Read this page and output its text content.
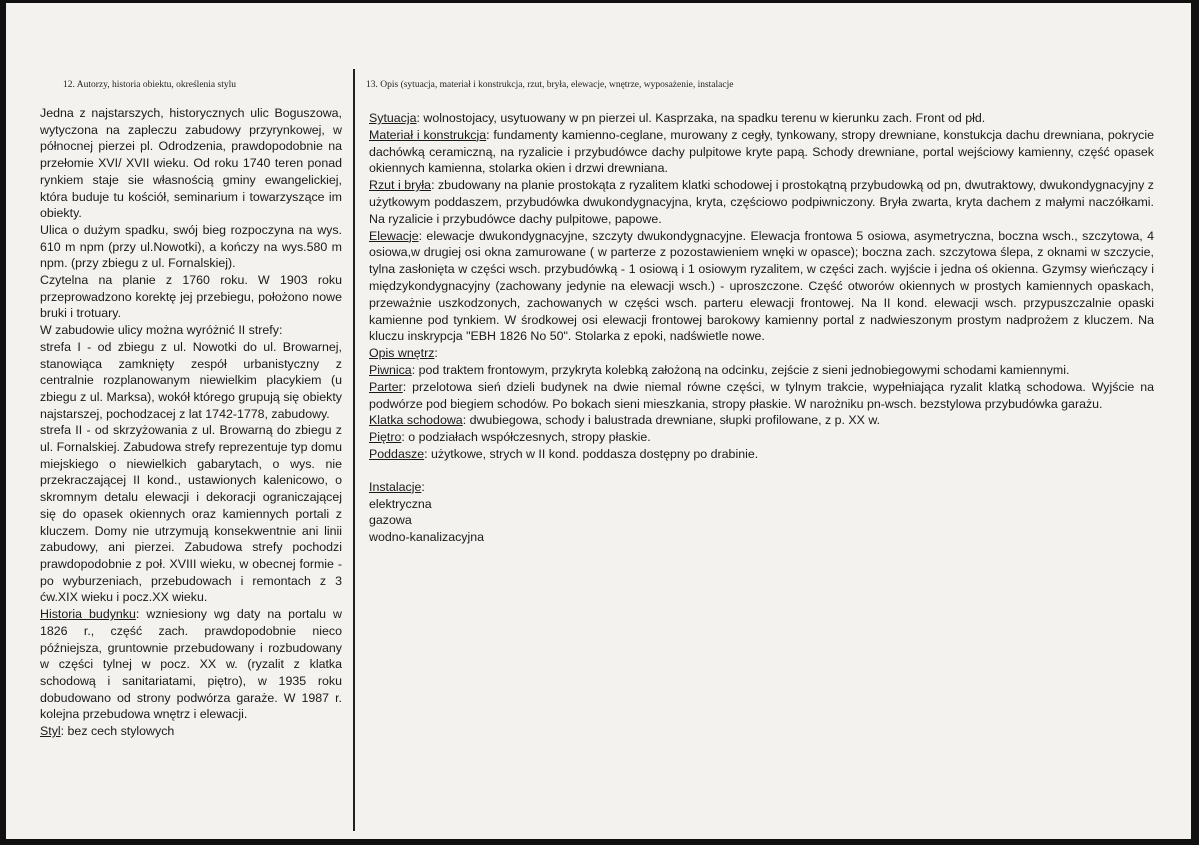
12. Autorzy, historia obiektu, określenia stylu	13. Opis (sytuacja, materiał i konstrukcja, rzut, bryła, elewacje, wnętrze, wyposażenie, instalacje

Jedna z najstarszych, historycznych ulic Boguszowa, wytyczona na zapleczu zabudowy przyrynkowej, w północnej pierzei pl. Odrodzenia, prawdopodobnie na przełomie XVI/ XVII wieku. Od roku 1740 teren ponad rynkiem staje sie własnością gminy ewangelickiej, która buduje tu kościół, seminarium i towarzyszące im obiekty.

Ulica o dużym spadku, swój bieg rozpoczyna na wys. 610 m npm (przy ul.Nowotki), a kończy na wys.580 m npm. (przy zbiegu z ul. Fornalskiej).

Czytelna na planie z 1760 roku. W 1903 roku przeprowadzono korektę jej przebiegu, położono nowe bruki i trotuary.

W zabudowie ulicy można wyróżnić II strefy:

strefa I - od zbiegu z ul. Nowotki do ul. Browarnej, stanowiąca zamknięty zespół urbanistyczny z centralnie rozplanowanym niewielkim placykiem (u zbiegu z ul. Marksa), wokół którego grupują się obiekty najstarszej, pochodzacej z lat 1742-1778, zabudowy.

strefa II - od skrzyżowania z ul. Browarną do zbiegu z ul. Fornalskiej. Zabudowa strefy reprezentuje typ domu miejskiego o niewielkich gabarytach, o wys. nie przekraczającej II kond., ustawionych kalenicowo, o skromnym detalu elewacji i dekoracji ograniczającej się do opasek okiennych oraz kamiennych portali z kluczem. Domy nie utrzymują konsekwentnie ani linii zabudowy, ani pierzei. Zabudowa strefy pochodzi prawdopodobnie z poł. XVIII wieku, w obecnej formie - po wyburzeniach, przebudowach i remontach z 3 ćw.XIX wieku i pocz.XX wieku.

Historia budynku: wzniesiony wg daty na portalu w 1826 r., część zach. prawdopodobnie nieco późniejsza, gruntownie przebudowany i rozbudowany w części tylnej w pocz. XX w. (ryzalit z klatka schodową i sanitariatami, piętro), w 1935 roku dobudowano od strony podwórza garaże. W 1987 r. kolejna przebudowa wnętrz i elewacji.

Styl: bez cech stylowych

Sytuacja: wolnostojacy, usytuowany w pn pierzei ul. Kasprzaka, na spadku terenu w kierunku zach. Front od płd.

Materiał i konstrukcja: fundamenty kamienno-ceglane, murowany z cegły, tynkowany, stropy drewniane, konstukcja dachu drewniana, pokrycie dachówką ceramiczną, na ryzalicie i przybudówce dachy pulpitowe kryte papą. Schody drewniane, portal wejściowy kamienny, część opasek okiennych kamienna, stolarka okien i drzwi drewniana.

Rzut i bryła: zbudowany na planie prostokąta z ryzalitem klatki schodowej i prostokątną przybudowką od pn, dwutraktowy, dwukondygnacyjny z użytkowym poddaszem, przybudówka dwukondygnacyjna, kryta, częściowo podpiwniczony. Bryła zwarta, kryta dachem z małymi naczółkami. Na ryzalicie i przybudówce dachy pulpitowe, papowe.

Elewacje: elewacje dwukondygnacyjne, szczyty dwukondygnacyjne. Elewacja frontowa 5 osiowa, asymetryczna, boczna wsch., szczytowa, 4 osiowa,w drugiej osi okna zamurowane ( w parterze z pozostawieniem wnęki w opasce); boczna zach. szczytowa ślepa, z oknami w szczycie, tylna zasłonięta w części wsch. przybudówką - 1 osiową i 1 osiowym ryzalitem, w części zach. wyjście i jedna oś okienna. Gzymsy wieńczący i międzykondygnacyjny (zachowany jedynie na elewacji wsch.) - uproszczone. Część otworów okiennych w prostych kamiennych opaskach, przeważnie uszkodzonych, zachowanych w części wsch. parteru elewacji frontowej. Na II kond. elewacji wsch. przypuszczalnie opaski kamienne pod tynkiem. W środkowej osi elewacji frontowej barokowy kamienny portal z nadwieszonym prostym nadprożem z kluczem. Na kluczu inskrypcja "EBH 1826 No 50". Stolarka z epoki, nadświetle nowe.

Opis wnętrz:

Piwnica: pod traktem frontowym, przykryta kolebką założoną na odcinku, zejście z sieni jednobiegowymi schodami kamiennymi.

Parter: przelotowa sień dzieli budynek na dwie niemal równe części, w tylnym trakcie, wypełniająca ryzalit klatką schodowa. Wyjście na podwórze pod biegiem schodów. Po bokach sieni mieszkania, stropy płaskie. W narożniku pn-wsch. bezstylowa przybudówka garażu.

Klatka schodowa: dwubiegowa, schody i balustrada drewniane, słupki profilowane, z p. XX w.

Piętro: o podziałach współczesnych, stropy płaskie.

Poddasze: użytkowe, strych w II kond. poddasza dostępny po drabinie.

Instalacje:

elektryczna

gazowa

wodno-kanalizacyjna
